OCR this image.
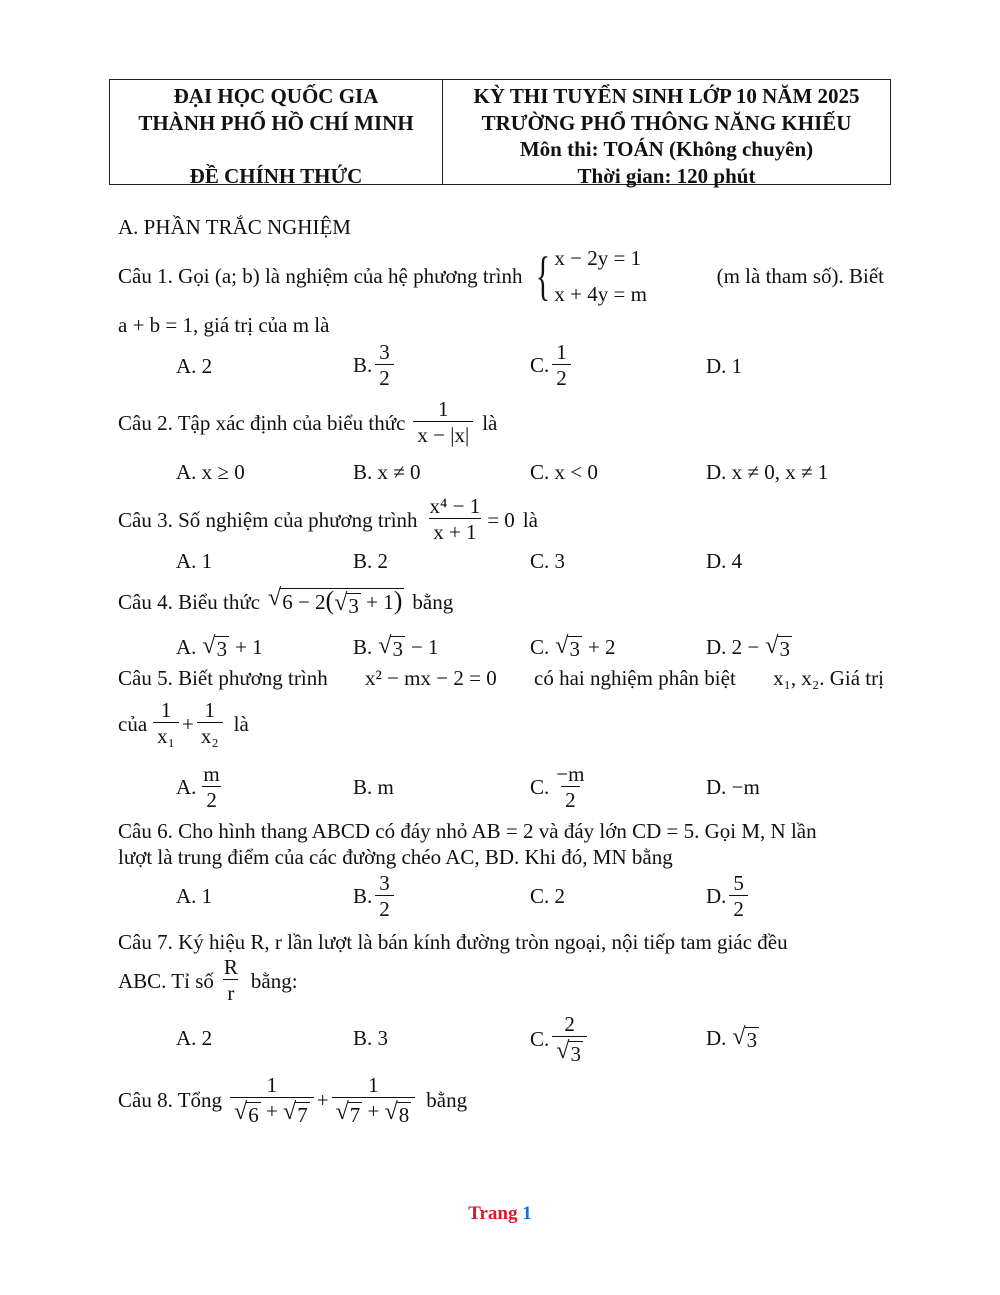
ĐẠI HỌC QUỐC GIA
THÀNH PHỐ HỒ CHÍ MINH
ĐỀ CHÍNH THỨC
KỲ THI TUYỂN SINH LỚP 10 NĂM 2025
TRƯỜNG PHỔ THÔNG NĂNG KHIẾU
Môn thi: TOÁN (Không chuyên)
Thời gian: 120 phút
A. PHẦN TRẮC NGHIỆM
Câu 1. Gọi (a; b) là nghiệm của hệ phương trình { x − 2y = 1
x + 4y = m
(m là tham số). Biết
a + b = 1, giá trị của m là
A. 2	B. $\frac{3}{2}$	C. $\frac{1}{2}$	D. 1
Câu 2. Tập xác định của biểu thức $\frac{1}{x - |x|}$ là
A. x ≥ 0	B. x ≠ 0	C. x < 0	D. x ≠ 0, x ≠ 1
Câu 3. Số nghiệm của phương trình $\frac{\text{x⁴ − 1}}{x + 1} = 0$ là
A. 1	B. 2	C. 3	D. 4
Câu 4. Biểu thức √ 6 − 2( √ 3 + 1) bằng
A. √ 3 + 1	B. √ 3 − 1	C. √ 3 + 2	D. 2 − √ 3
Câu 5. Biết phương trình x² − mx − 2 = 0 có hai nghiệm phân biệt x₁, x₂ . Giá trị
của $\frac{1}{\text{x₁}} + \frac{1}{\text{x₂}}$ là
A. $\frac{m}{2}$	B. m	C. $\frac{-m}{2}$	D. −m
Câu 6. Cho hình thang ABCD có đáy nhỏ AB = 2 và đáy lớn CD = 5. Gọi M, N lần
lượt là trung điểm của các đường chéo AC, BD. Khi đó, MN bằng
A. 1	B. $\frac{3}{2}$	C. 2	D. $\frac{5}{2}$
Câu 7. Ký hiệu R, r lần lượt là bán kính đường tròn ngoại, nội tiếp tam giác đều
ABC. Tỉ số $\frac{R}{r}$ bằng:
A. 2	B. 3	C. $\frac{2}{√ 3}$	D. √ 3
Câu 8. Tổng $\frac{1}{√ 6 + √ 7} + \frac{1}{√ 7 + √ 8}$ bằng
Trang 1
